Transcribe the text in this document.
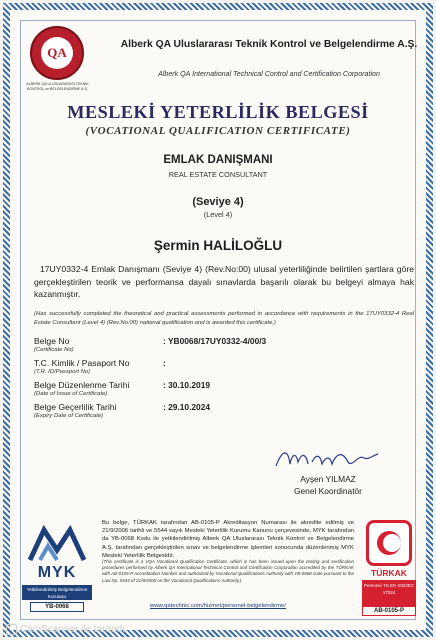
QA
ALBERK QA ULUSLARARASI TEKNİK KONTROL ve BELGELENDİRME A.Ş.
Alberk QA Uluslararası Teknik Kontrol ve Belgelendirme A.Ş.
Alberk QA International Technical Control and Certification Corporation
MESLEKİ YETERLİLİK BELGESİ
(VOCATIONAL QUALIFICATION CERTIFICATE)
EMLAK DANIŞMANI
REAL ESTATE CONSULTANT
(Seviye 4)
(Level 4)
Şermin HALİLOĞLU
17UY0332-4 Emlak Danışmanı (Seviye 4) (Rev.No:00) ulusal yeterliliğinde belirtilen şartlara göre gerçekleştirilen teorik ve performansa dayalı sınavlarda başarılı olarak bu belgeyi almaya hak kazanmıştır.
(Has successfully completed the theoretical and practical assessments performed in accordance with requirements in the 17UY0332-4 Real Estate Consultant (Level 4) (Rev.No:00) national qualification and is awarded this certificate.)
Belge No
(Certificate No)
: YB0068/17UY0332-4/00/3
T.C. Kimlik / Pasaport No
(T.R. ID/Passport No)
:
Belge Düzenlenme Tarihi
(Date of Issue of Certificate)
: 30.10.2019
Belge Geçerlilik Tarihi
(Expiry Date of Certificate)
: 29.10.2024
Ayşen YILMAZ
Genel Koordinatör
MYK
Yetkilendirilmiş Belgelendirme Kuruluşu
YB-0068
Bu belge, TÜRKAK tarafından AB-0105-P Akreditasyon Numarası ile akredite edilmiş ve 21/9/2006 tarihli ve 5544 sayılı Mesleki Yeterlilik Kurumu Kanunu çerçevesinde, MYK tarafından da YB-0068 Kodu ile yetkilendirilmiş Alberk QA Uluslararası Teknik Kontrol ve Belgelendirme A.Ş. tarafından gerçekleştirilen sınav ve belgelendirme işlemleri sonucunda düzenlenmiş MYK Mesleki Yeterlilik Belgesidir.
(This certificate is a VQA Vocational Qualification Certificate, which is has been issued upon the testing and certification procedures performed by Alberk QA International Technical Control and Certification Corporation accredited by the TÜRKAK with AB-0105-P Accreditation Number and authorized by Vocational Qualifications Authority with YB-0068 code pursuant to the Law No. 5544 of 21/9/2006 on the Vocational Qualifications Authority.)
TÜRKAK
Personel TS EN ISO/IEC 17024
AB-0105-P
www.qatechnic.com/hizmet/personel-belgelendirme/
CamScanner ile tarandı
